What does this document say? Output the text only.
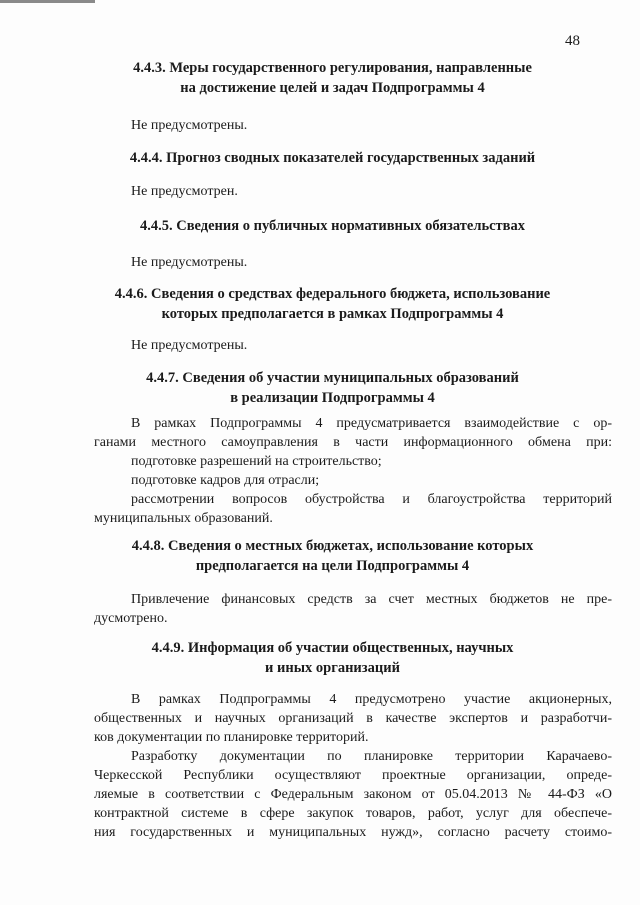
48
4.4.3. Меры государственного регулирования, направленные
на достижение целей и задач Подпрограммы 4
Не предусмотрены.
4.4.4. Прогноз сводных показателей государственных заданий
Не предусмотрен.
4.4.5. Сведения о публичных нормативных обязательствах
Не предусмотрены.
4.4.6. Сведения о средствах федерального бюджета, использование
которых предполагается в рамках Подпрограммы 4
Не предусмотрены.
4.4.7. Сведения об участии муниципальных образований
в реализации Подпрограммы 4
В рамках Подпрограммы 4 предусматривается взаимодействие с ор-
ганами местного самоуправления в части информационного обмена при:
подготовке разрешений на строительство;
подготовке кадров для отрасли;
рассмотрении вопросов обустройства и благоустройства территорий
муниципальных образований.
4.4.8. Сведения о местных бюджетах, использование которых
предполагается на цели Подпрограммы 4
Привлечение финансовых средств за счет местных бюджетов не пре-
дусмотрено.
4.4.9. Информация об участии общественных, научных
и иных организаций
В рамках Подпрограммы 4 предусмотрено участие акционерных,
общественных и научных организаций в качестве экспертов и разработчи-
ков документации по планировке территорий.
Разработку документации по планировке территории Карачаево-
Черкесской Республики осуществляют проектные организации, опреде-
ляемые в соответствии с Федеральным законом от 05.04.2013 № 44-ФЗ «О
контрактной системе в сфере закупок товаров, работ, услуг для обеспече-
ния государственных и муниципальных нужд», согласно расчету стоимо-
